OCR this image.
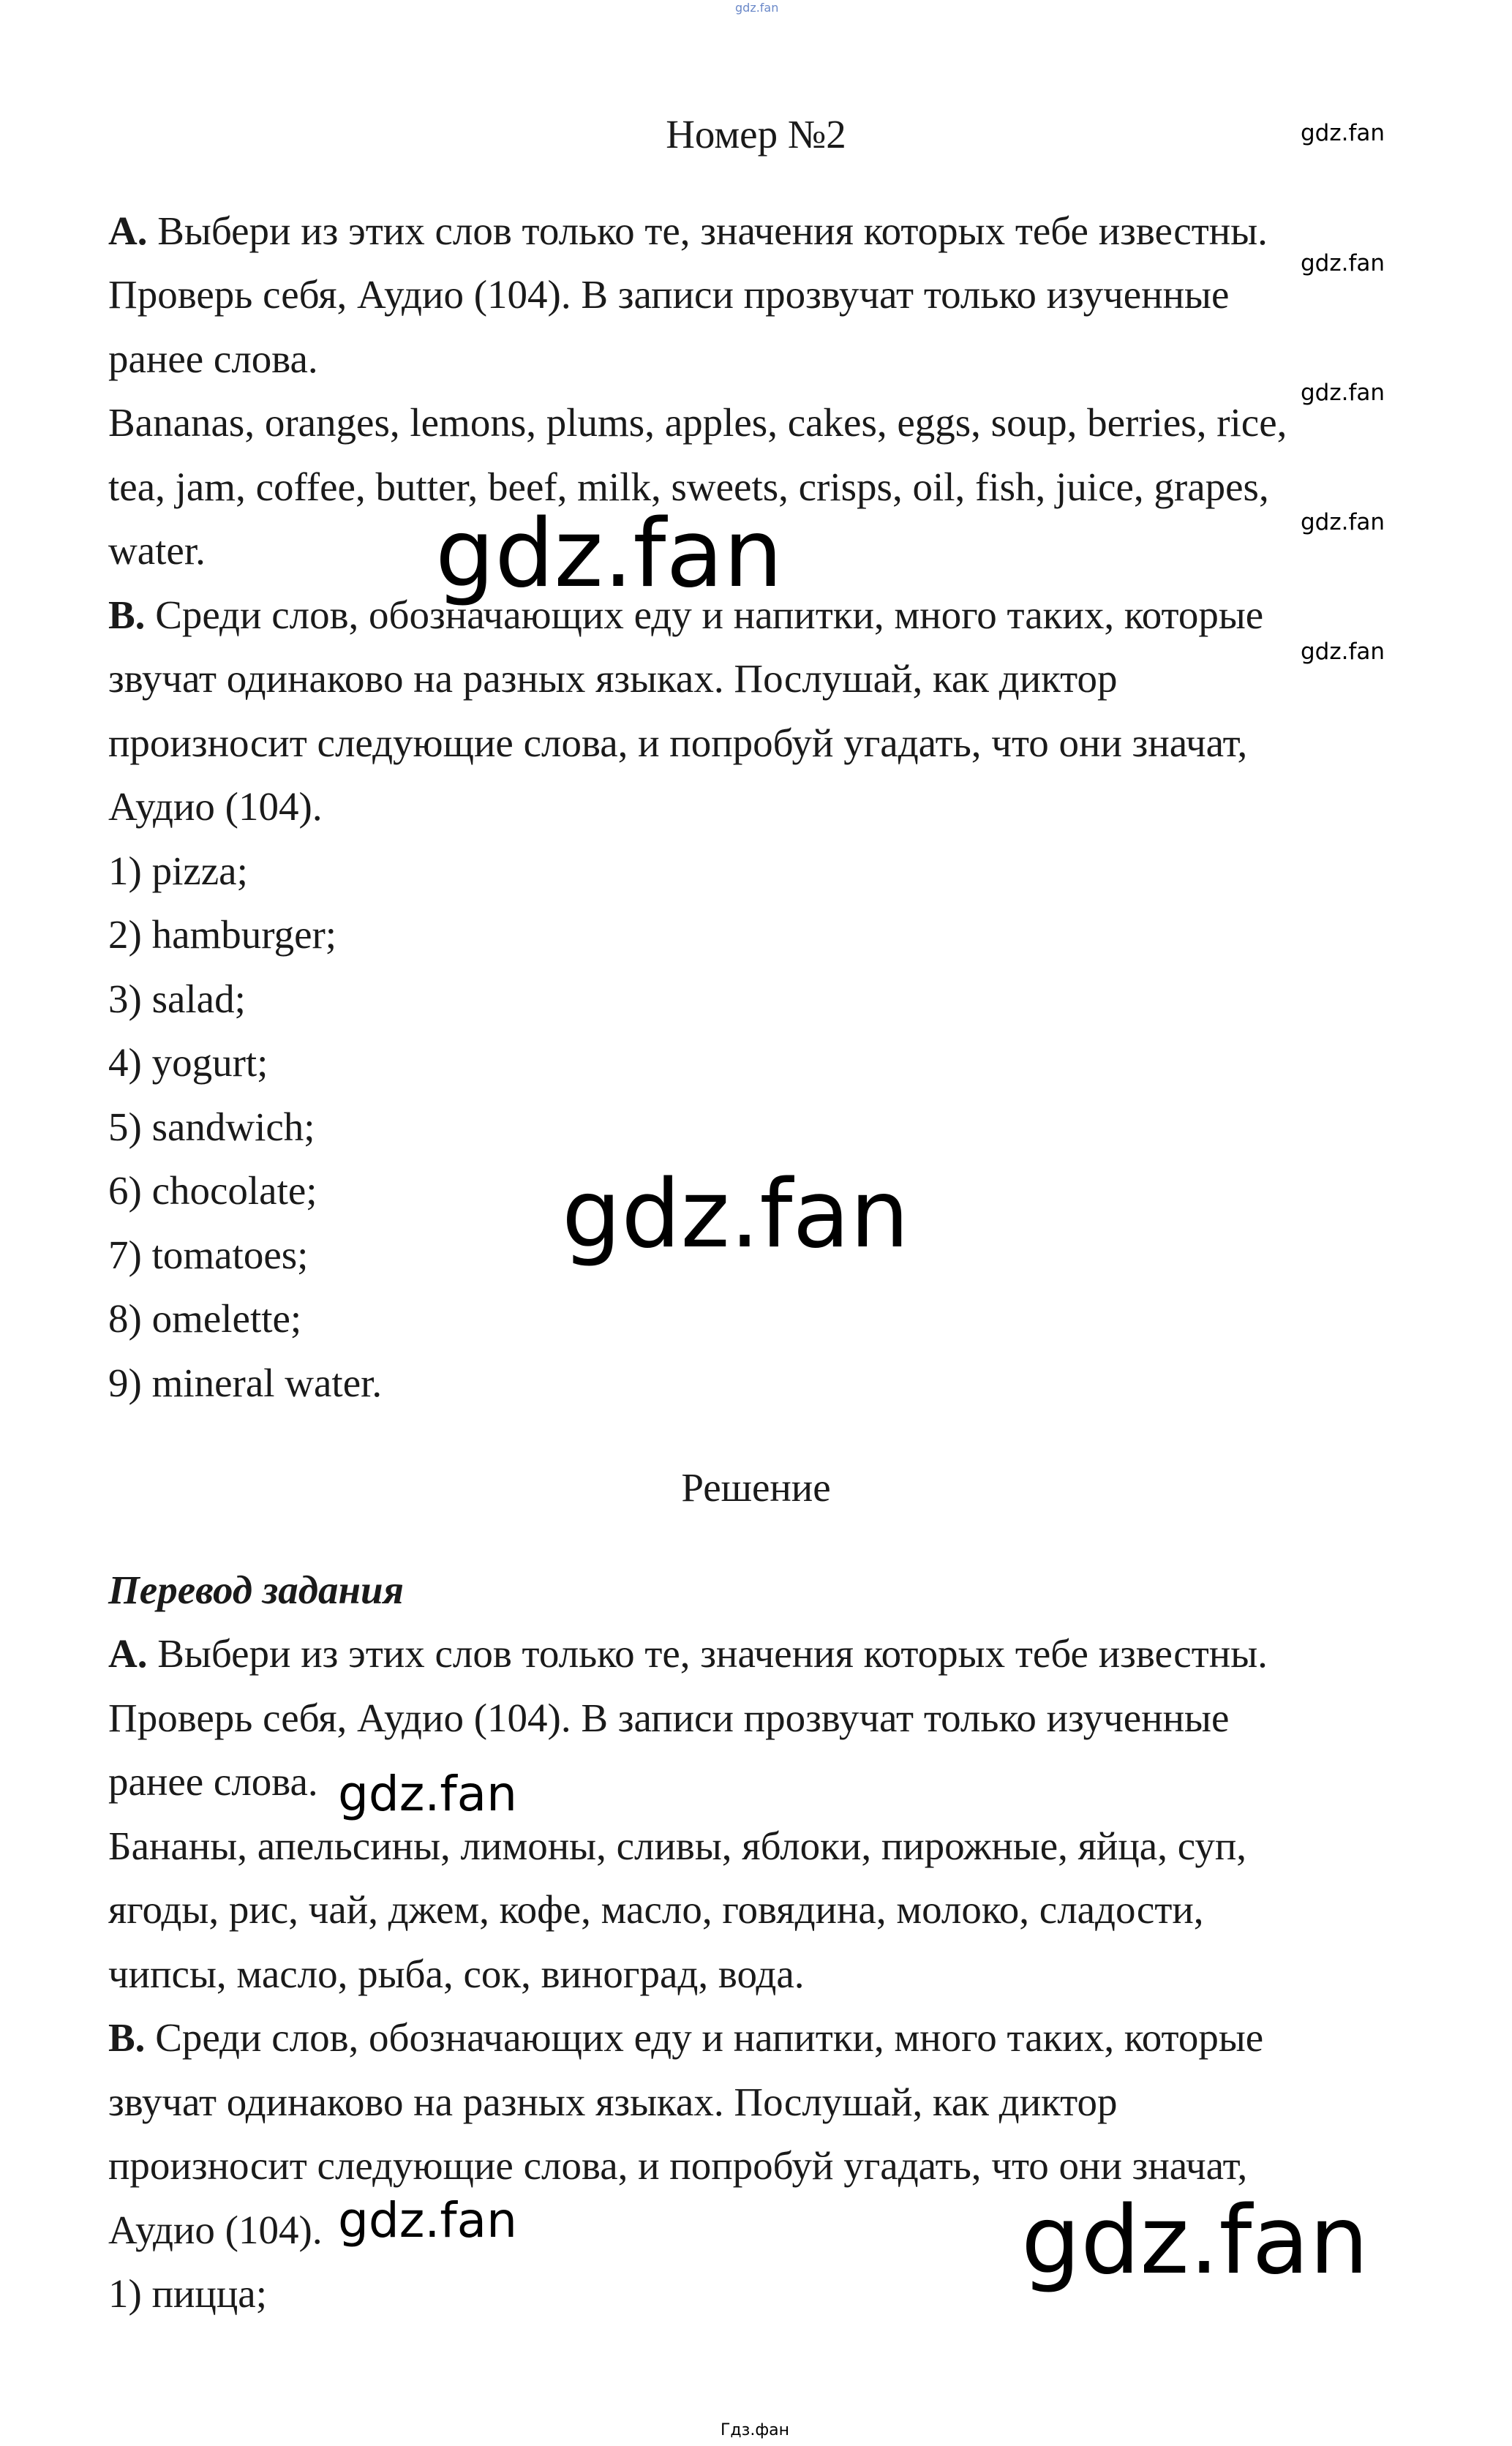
gdz.fan
Номер №2
A. Выбери из этих слов только те, значения которых тебе известны.
Проверь себя, Аудио (104). В записи прозвучат только изученные
ранее слова.
Bananas, oranges, lemons, plums, apples, cakes, eggs, soup, berries, rice,
tea, jam, coffee, butter, beef, milk, sweets, crisps, oil, fish, juice, grapes,
water.
B. Среди слов, обозначающих еду и напитки, много таких, которые
звучат одинаково на разных языках. Послушай, как диктор
произносит следующие слова, и попробуй угадать, что они значат,
Аудио (104).
1) pizza;
2) hamburger;
3) salad;
4) yogurt;
5) sandwich;
6) chocolate;
7) tomatoes;
8) omelette;
9) mineral water.
Решение
Перевод задания
A. Выбери из этих слов только те, значения которых тебе известны.
Проверь себя, Аудио (104). В записи прозвучат только изученные
ранее слова.
Бананы, апельсины, лимоны, сливы, яблоки, пирожные, яйца, суп,
ягоды, рис, чай, джем, кофе, масло, говядина, молоко, сладости,
чипсы, масло, рыба, сок, виноград, вода.
B. Среди слов, обозначающих еду и напитки, много таких, которые
звучат одинаково на разных языках. Послушай, как диктор
произносит следующие слова, и попробуй угадать, что они значат,
Аудио (104).
1) пицца;
gdz.fan
gdz.fan
gdz.fan
gdz.fan
gdz.fan
gdz.fan
gdz.fan
gdz.fan
gdz.fan
gdz.fan
Гдз.фан
